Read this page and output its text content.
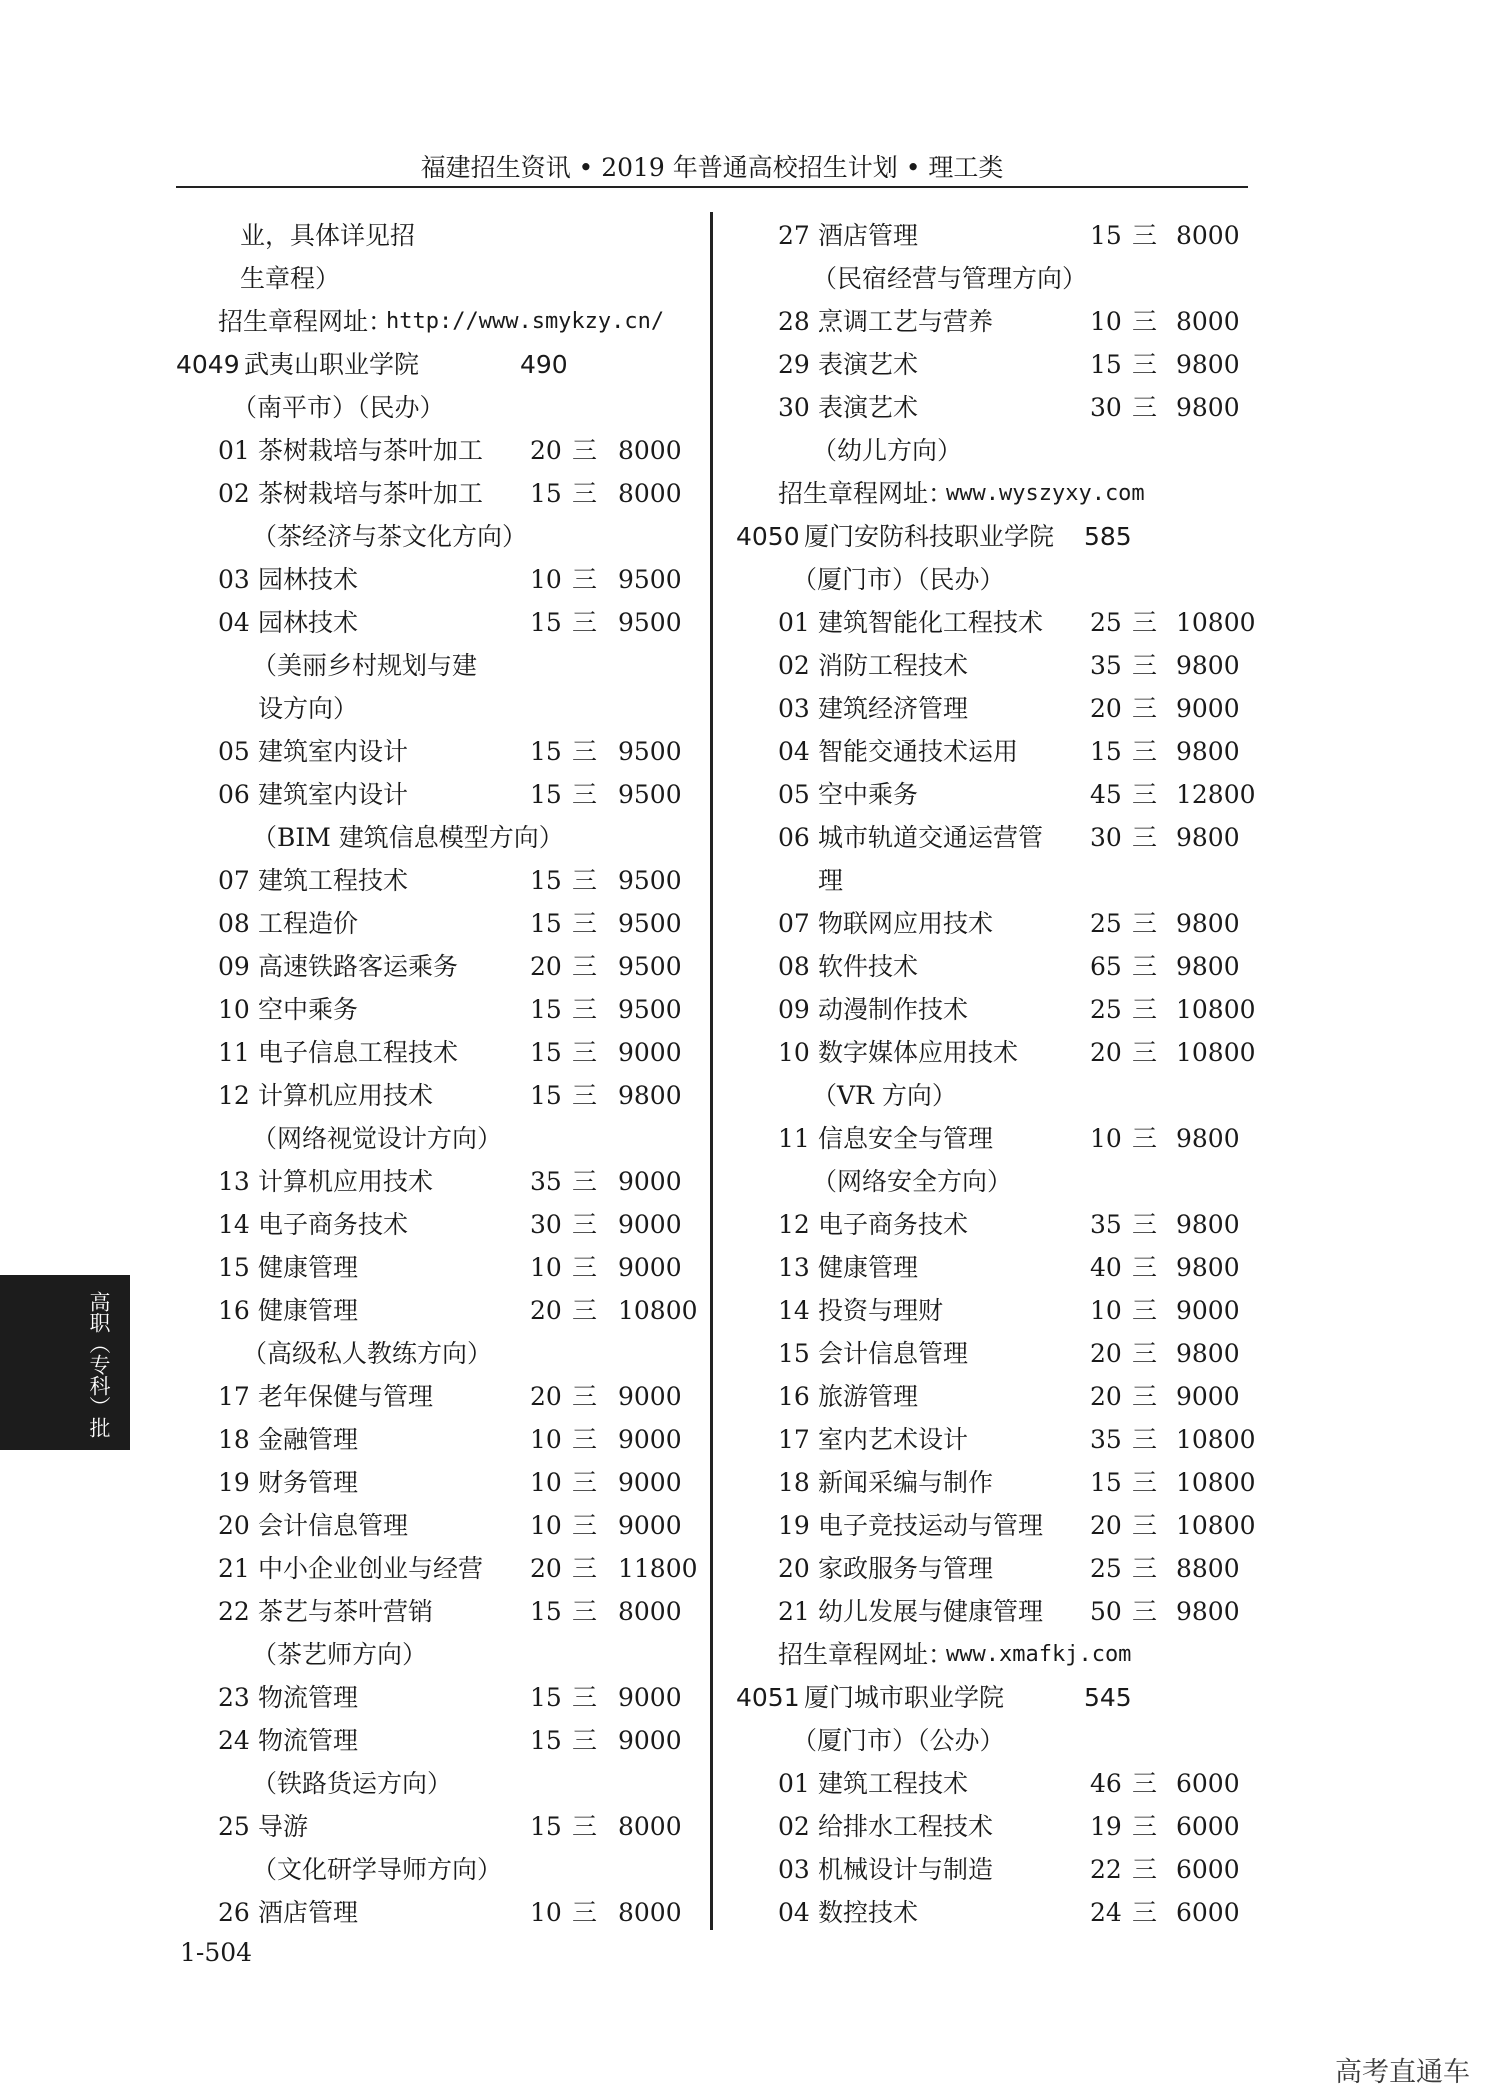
福建招生资讯 • 2019 年普通高校招生计划 • 理工类
业，具体详见招
生章程）
招生章程网址：
http://www.smykzy.cn/
4049 武夷山职业学院	490
（南平市）（民办）
01 茶树栽培与茶叶加工 20 三 8000
02 茶树栽培与茶叶加工 15 三 8000
（茶经济与茶文化方向）
03 园林技术	10 三 9500
04 园林技术	15 三 9500
（美丽乡村规划与建
设方向）
05 建筑室内设计	15 三 9500
06 建筑室内设计	15 三 9500
（BIM 建筑信息模型方向）
07 建筑工程技术	15 三 9500
08 工程造价	15 三 9500
09 高速铁路客运乘务	20 三 9500
10 空中乘务	15 三 9500
11 电子信息工程技术	15 三 9000
12 计算机应用技术	15 三 9800
（网络视觉设计方向）
13 计算机应用技术	35 三 9000
14 电子商务技术	30 三 9000
15 健康管理	10 三 9000
16 健康管理	20 三 10800
（高级私人教练方向）
17 老年保健与管理	20 三 9000
18 金融管理	10 三 9000
19 财务管理	10 三 9000
20 会计信息管理	10 三 9000
21 中小企业创业与经营 20 三 11800
22 茶艺与茶叶营销	15 三 8000
（茶艺师方向）
23 物流管理	15 三 9000
24 物流管理	15 三 9000
（铁路货运方向）
25 导游	15 三 8000
（文化研学导师方向）
26 酒店管理	10 三 8000
27 酒店管理	15 三 8000
（民宿经营与管理方向）
28 烹调工艺与营养	10 三 8000
29 表演艺术	15 三 9800
30 表演艺术	30 三 9800
（幼儿方向）
招生章程网址：
www.wyszyxy.com
4050 厦门安防科技职业学院 585
（厦门市）（民办）
01 建筑智能化工程技术 25 三 10800
02 消防工程技术	35 三 9800
03 建筑经济管理	20 三 9000
04 智能交通技术运用	15 三 9800
05 空中乘务	45 三 12800
06 城市轨道交通运营管 30 三 9800
理
07 物联网应用技术	25 三 9800
08 软件技术	65 三 9800
09 动漫制作技术	25 三 10800
10 数字媒体应用技术	20 三 10800
（VR 方向）
11 信息安全与管理	10 三 9800
（网络安全方向）
12 电子商务技术	35 三 9800
13 健康管理	40 三 9800
14 投资与理财	10 三 9000
15 会计信息管理	20 三 9800
16 旅游管理	20 三 9000
17 室内艺术设计	35 三 10800
18 新闻采编与制作	15 三 10800
19 电子竞技运动与管理 20 三 10800
20 家政服务与管理	25 三 8800
21 幼儿发展与健康管理 50 三 9800
招生章程网址：
www.xmafkj.com
4051 厦门城市职业学院	545
（厦门市）（公办）
01 建筑工程技术	46 三 6000
02 给排水工程技术	19 三 6000
03 机械设计与制造	22 三 6000
04 数控技术	24 三 6000
高职（专科）批
1-504
高考直通车
